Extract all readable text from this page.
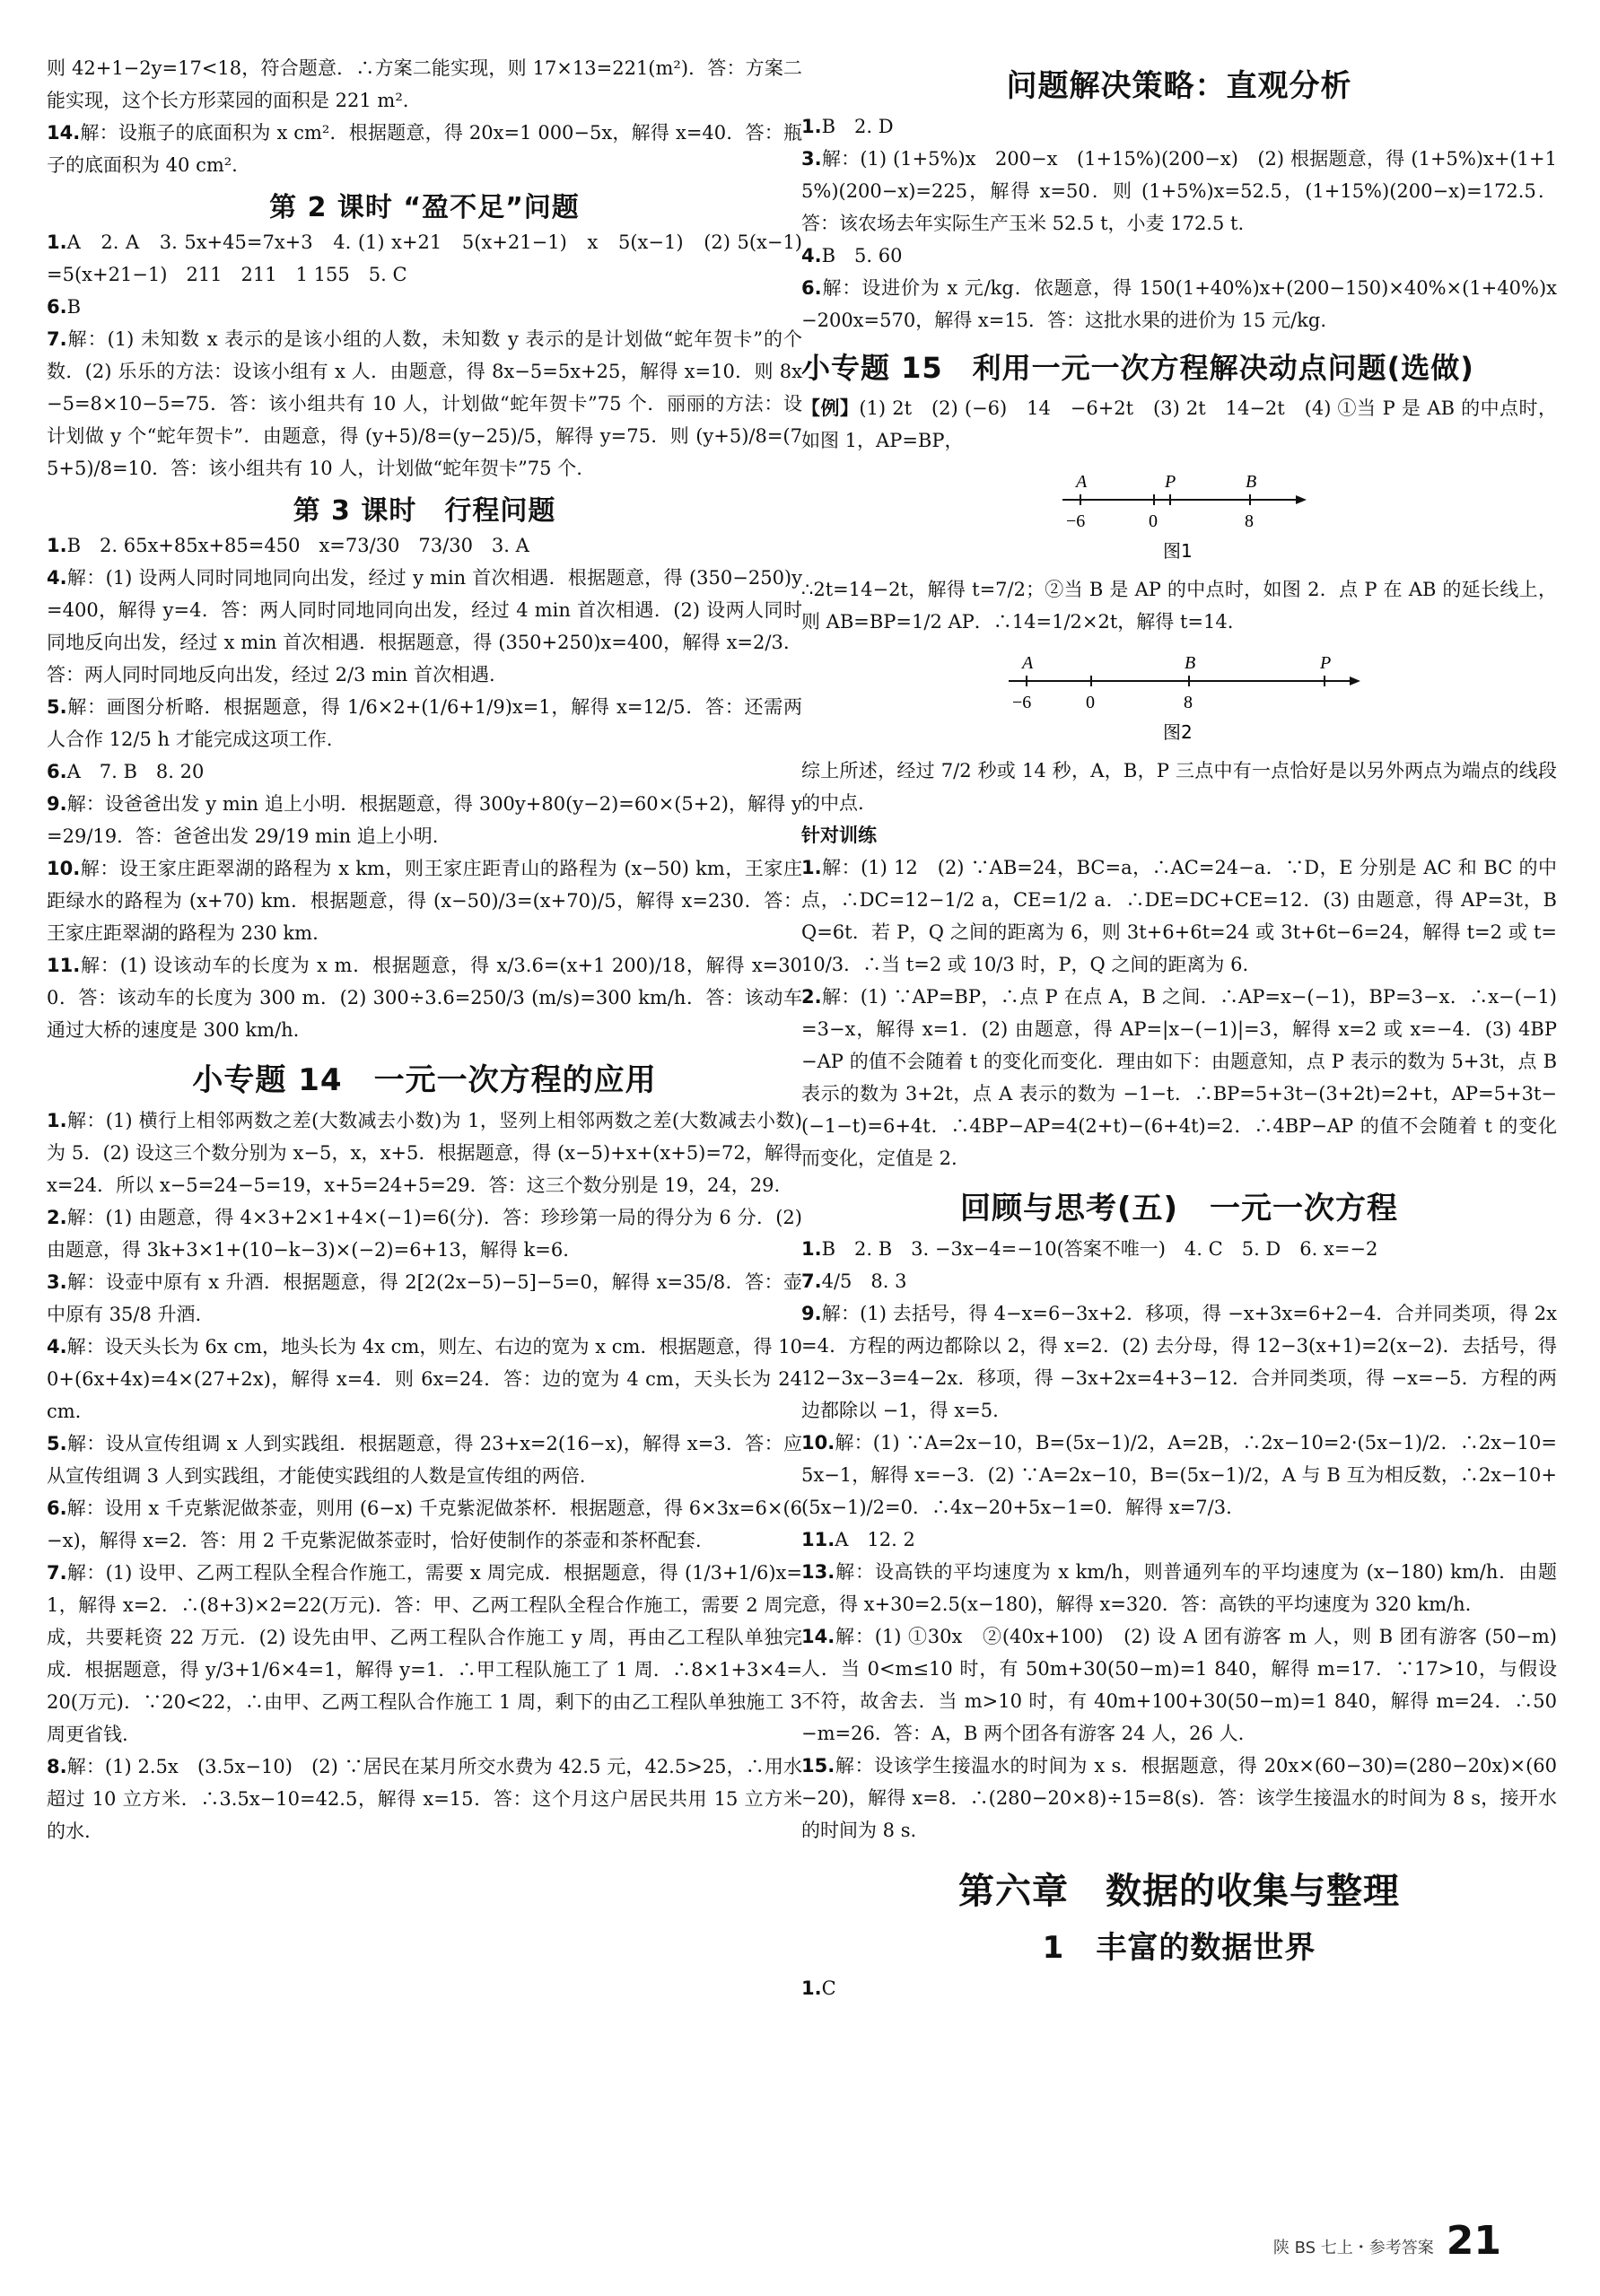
则 42+1−2y=17<18，符合题意．∴方案二能实现，则 17×13=221(m²)．答：方案二能实现，这个长方形菜园的面积是 221 m².

14.解：设瓶子的底面积为 x cm²．根据题意，得 20x=1 000−5x，解得 x=40．答：瓶子的底面积为 40 cm².

第 2 课时 “盈不足”问题

1.A　2. A　3. 5x+45=7x+3　4. (1) x+21　5(x+21−1)　x　5(x−1)　(2) 5(x−1)=5(x+21−1)　211　211　1 155　5. C

6.B

7.解：(1) 未知数 x 表示的是该小组的人数，未知数 y 表示的是计划做“蛇年贺卡”的个数．(2) 乐乐的方法：设该小组有 x 人．由题意，得 8x−5=5x+25，解得 x=10．则 8x−5=8×10−5=75．答：该小组共有 10 人，计划做“蛇年贺卡”75 个．丽丽的方法：设计划做 y 个“蛇年贺卡”．由题意，得 (y+5)/8=(y−25)/5，解得 y=75．则 (y+5)/8=(75+5)/8=10．答：该小组共有 10 人，计划做“蛇年贺卡”75 个.

第 3 课时　行程问题

1.B　2. 65x+85x+85=450　x=73/30　73/30　3. A

4.解：(1) 设两人同时同地同向出发，经过 y min 首次相遇．根据题意，得 (350−250)y=400，解得 y=4．答：两人同时同地同向出发，经过 4 min 首次相遇．(2) 设两人同时同地反向出发，经过 x min 首次相遇．根据题意，得 (350+250)x=400，解得 x=2/3．答：两人同时同地反向出发，经过 2/3 min 首次相遇.

5.解：画图分析略．根据题意，得 1/6×2+(1/6+1/9)x=1，解得 x=12/5．答：还需两人合作 12/5 h 才能完成这项工作.

6.A　7. B　8. 20

9.解：设爸爸出发 y min 追上小明．根据题意，得 300y+80(y−2)=60×(5+2)，解得 y=29/19．答：爸爸出发 29/19 min 追上小明.

10.解：设王家庄距翠湖的路程为 x km，则王家庄距青山的路程为 (x−50) km，王家庄距绿水的路程为 (x+70) km．根据题意，得 (x−50)/3=(x+70)/5，解得 x=230．答：王家庄距翠湖的路程为 230 km.

11.解：(1) 设该动车的长度为 x m．根据题意，得 x/3.6=(x+1 200)/18，解得 x=300．答：该动车的长度为 300 m．(2) 300÷3.6=250/3 (m/s)=300 km/h．答：该动车通过大桥的速度是 300 km/h.

小专题 14　一元一次方程的应用

1.解：(1) 横行上相邻两数之差(大数减去小数)为 1，竖列上相邻两数之差(大数减去小数)为 5．(2) 设这三个数分别为 x−5，x，x+5．根据题意，得 (x−5)+x+(x+5)=72，解得 x=24．所以 x−5=24−5=19，x+5=24+5=29．答：这三个数分别是 19，24，29.

2.解：(1) 由题意，得 4×3+2×1+4×(−1)=6(分)．答：珍珍第一局的得分为 6 分．(2) 由题意，得 3k+3×1+(10−k−3)×(−2)=6+13，解得 k=6.

3.解：设壶中原有 x 升酒．根据题意，得 2[2(2x−5)−5]−5=0，解得 x=35/8．答：壶中原有 35/8 升酒.

4.解：设天头长为 6x cm，地头长为 4x cm，则左、右边的宽为 x cm．根据题意，得 100+(6x+4x)=4×(27+2x)，解得 x=4．则 6x=24．答：边的宽为 4 cm，天头长为 24 cm.

5.解：设从宣传组调 x 人到实践组．根据题意，得 23+x=2(16−x)，解得 x=3．答：应从宣传组调 3 人到实践组，才能使实践组的人数是宣传组的两倍.

6.解：设用 x 千克紫泥做茶壶，则用 (6−x) 千克紫泥做茶杯．根据题意，得 6×3x=6×(6−x)，解得 x=2．答：用 2 千克紫泥做茶壶时，恰好使制作的茶壶和茶杯配套.

7.解：(1) 设甲、乙两工程队全程合作施工，需要 x 周完成．根据题意，得 (1/3+1/6)x=1，解得 x=2．∴(8+3)×2=22(万元)．答：甲、乙两工程队全程合作施工，需要 2 周完成，共要耗资 22 万元．(2) 设先由甲、乙两工程队合作施工 y 周，再由乙工程队单独完成．根据题意，得 y/3+1/6×4=1，解得 y=1．∴甲工程队施工了 1 周．∴8×1+3×4=20(万元)．∵20<22，∴由甲、乙两工程队合作施工 1 周，剩下的由乙工程队单独施工 3 周更省钱.

8.解：(1) 2.5x　(3.5x−10)　(2) ∵居民在某月所交水费为 42.5 元，42.5>25，∴用水超过 10 立方米．∴3.5x−10=42.5，解得 x=15．答：这个月这户居民共用 15 立方米的水.

问题解决策略：直观分析

1.B　2. D

3.解：(1) (1+5%)x　200−x　(1+15%)(200−x)　(2) 根据题意，得 (1+5%)x+(1+15%)(200−x)=225，解得 x=50．则 (1+5%)x=52.5，(1+15%)(200−x)=172.5．答：该农场去年实际生产玉米 52.5 t，小麦 172.5 t.

4.B　5. 60

6.解：设进价为 x 元/kg．依题意，得 150(1+40%)x+(200−150)×40%×(1+40%)x−200x=570，解得 x=15．答：这批水果的进价为 15 元/kg.

小专题 15　利用一元一次方程解决动点问题(选做)

【例】(1) 2t　(2) (−6)　14　−6+2t　(3) 2t　14−2t　(4) ①当 P 是 AB 的中点时，如图 1，AP=BP，

A	P	B
−6	0	8
图1

∴2t=14−2t，解得 t=7/2；②当 B 是 AP 的中点时，如图 2．点 P 在 AB 的延长线上，则 AB=BP=1/2 AP．∴14=1/2×2t，解得 t=14.

A	B	P
−6	0	8
图2

综上所述，经过 7/2 秒或 14 秒，A，B，P 三点中有一点恰好是以另外两点为端点的线段的中点.

针对训练

1.解：(1) 12　(2) ∵AB=24，BC=a，∴AC=24−a．∵D，E 分别是 AC 和 BC 的中点，∴DC=12−1/2 a，CE=1/2 a．∴DE=DC+CE=12．(3) 由题意，得 AP=3t，BQ=6t．若 P，Q 之间的距离为 6，则 3t+6+6t=24 或 3t+6t−6=24，解得 t=2 或 t=10/3．∴当 t=2 或 10/3 时，P，Q 之间的距离为 6.

2.解：(1) ∵AP=BP，∴点 P 在点 A，B 之间．∴AP=x−(−1)，BP=3−x．∴x−(−1)=3−x，解得 x=1．(2) 由题意，得 AP=|x−(−1)|=3，解得 x=2 或 x=−4．(3) 4BP−AP 的值不会随着 t 的变化而变化．理由如下：由题意知，点 P 表示的数为 5+3t，点 B 表示的数为 3+2t，点 A 表示的数为 −1−t．∴BP=5+3t−(3+2t)=2+t，AP=5+3t−(−1−t)=6+4t．∴4BP−AP=4(2+t)−(6+4t)=2．∴4BP−AP 的值不会随着 t 的变化而变化，定值是 2.

回顾与思考(五)　一元一次方程

1.B　2. B　3. −3x−4=−10(答案不唯一)　4. C　5. D　6. x=−2

7.4/5　8. 3

9.解：(1) 去括号，得 4−x=6−3x+2．移项，得 −x+3x=6+2−4．合并同类项，得 2x=4．方程的两边都除以 2，得 x=2．(2) 去分母，得 12−3(x+1)=2(x−2)．去括号，得 12−3x−3=4−2x．移项，得 −3x+2x=4+3−12．合并同类项，得 −x=−5．方程的两边都除以 −1，得 x=5.

10.解：(1) ∵A=2x−10，B=(5x−1)/2，A=2B，∴2x−10=2·(5x−1)/2．∴2x−10=5x−1，解得 x=−3．(2) ∵A=2x−10，B=(5x−1)/2，A 与 B 互为相反数，∴2x−10+(5x−1)/2=0．∴4x−20+5x−1=0．解得 x=7/3.

11.A　12. 2

13.解：设高铁的平均速度为 x km/h，则普通列车的平均速度为 (x−180) km/h．由题意，得 x+30=2.5(x−180)，解得 x=320．答：高铁的平均速度为 320 km/h.

14.解：(1) ①30x　②(40x+100)　(2) 设 A 团有游客 m 人，则 B 团有游客 (50−m) 人．当 0<m≤10 时，有 50m+30(50−m)=1 840，解得 m=17．∵17>10，与假设不符，故舍去．当 m>10 时，有 40m+100+30(50−m)=1 840，解得 m=24．∴50−m=26．答：A，B 两个团各有游客 24 人，26 人.

15.解：设该学生接温水的时间为 x s．根据题意，得 20x×(60−30)=(280−20x)×(60−20)，解得 x=8．∴(280−20×8)÷15=8(s)．答：该学生接温水的时间为 8 s，接开水的时间为 8 s.

第六章　数据的收集与整理
1　丰富的数据世界

1.C

陕 BS 七上・参考答案 21
